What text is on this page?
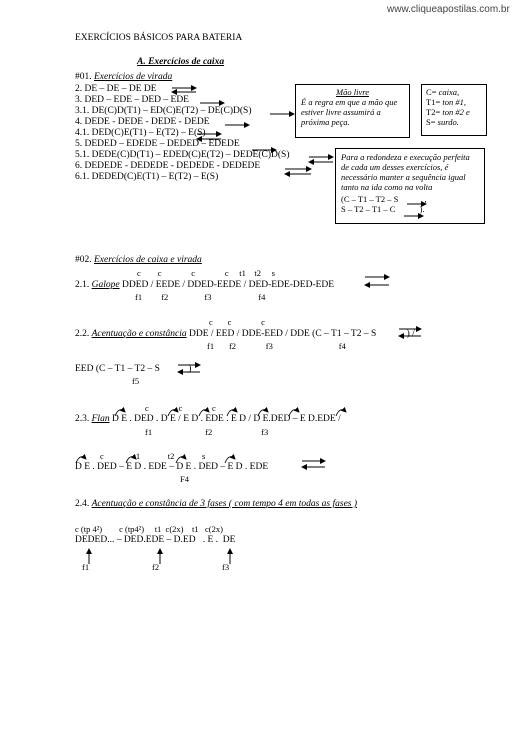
www.cliqueapostilas.com.br
EXERCÍCIOS BÁSICOS PARA BATERIA
A. Exercícios de caixa
#01. Exercícios de virada
2. DE – DE – DE DE
3. DED – EDE – DED – EDE
3.1. DE(C)D(T1) – ED(C)E(T2) – DE(C)D(S)
4. DEDE - DEDE - DEDE - DEDE
4.1. DED(C)E(T1) – E(T2) – E(S)
5. DEDED – EDEDE – DEDED – EDEDE
5.1. DEDE(C)D(T1) – EDED(C)E(T2) – DEDE(C)D(S)
6. DEDEDE - DEDEDE - DEDEDE - DEDEDE
6.1. DEDED(C)E(T1) – E(T2) – E(S)
Mão livre
É a regra em que a mão que
estiver livre assumirá a
próxima peça.
C= caixa,
T1= ton #1,
T2= ton #2 e
S= surdo.
Para a redondeza e execução perfeita
de cada um desses exercícios, é
necessário manter a sequência igual
tanto na ida como na volta
(C – T1 – T2 – S	,
S – T2 – T1 – C	).
#02. Exercícios de caixa e virada
c        c              c              c     t1    t2     s
2.1. Galope DDED / EEDE / DDED-EEDE / DED-EDE-DED-EDE
f1         f2                 f3                      f4
c       c              c
2.2. Acentuação e constância DDE / EED / DDE-EED / DDE (C – T1 – T2 – S	) /
f1       f2              f3                               f4
EED (C – T1 – T2 – S	)
f5
c              c              c
2.3. Flan D E . DED . D E / E D . EDE . E D / D E.DED – E D.EDE /
f1                         f2                       f3
c              t1             t2             s
D E . DED – E D . EDE – D E . DED – E D . EDE
F4
2.4. Acentuação e constância de 3 fases ( com tempo 4 em todas as fases )
c (tp 4²)        c (tp4²)     t1  c(2x)    t1   c(2x)
DEDED... – DED.EDE – D.ED   . E .  DE
f1	f2	f3
